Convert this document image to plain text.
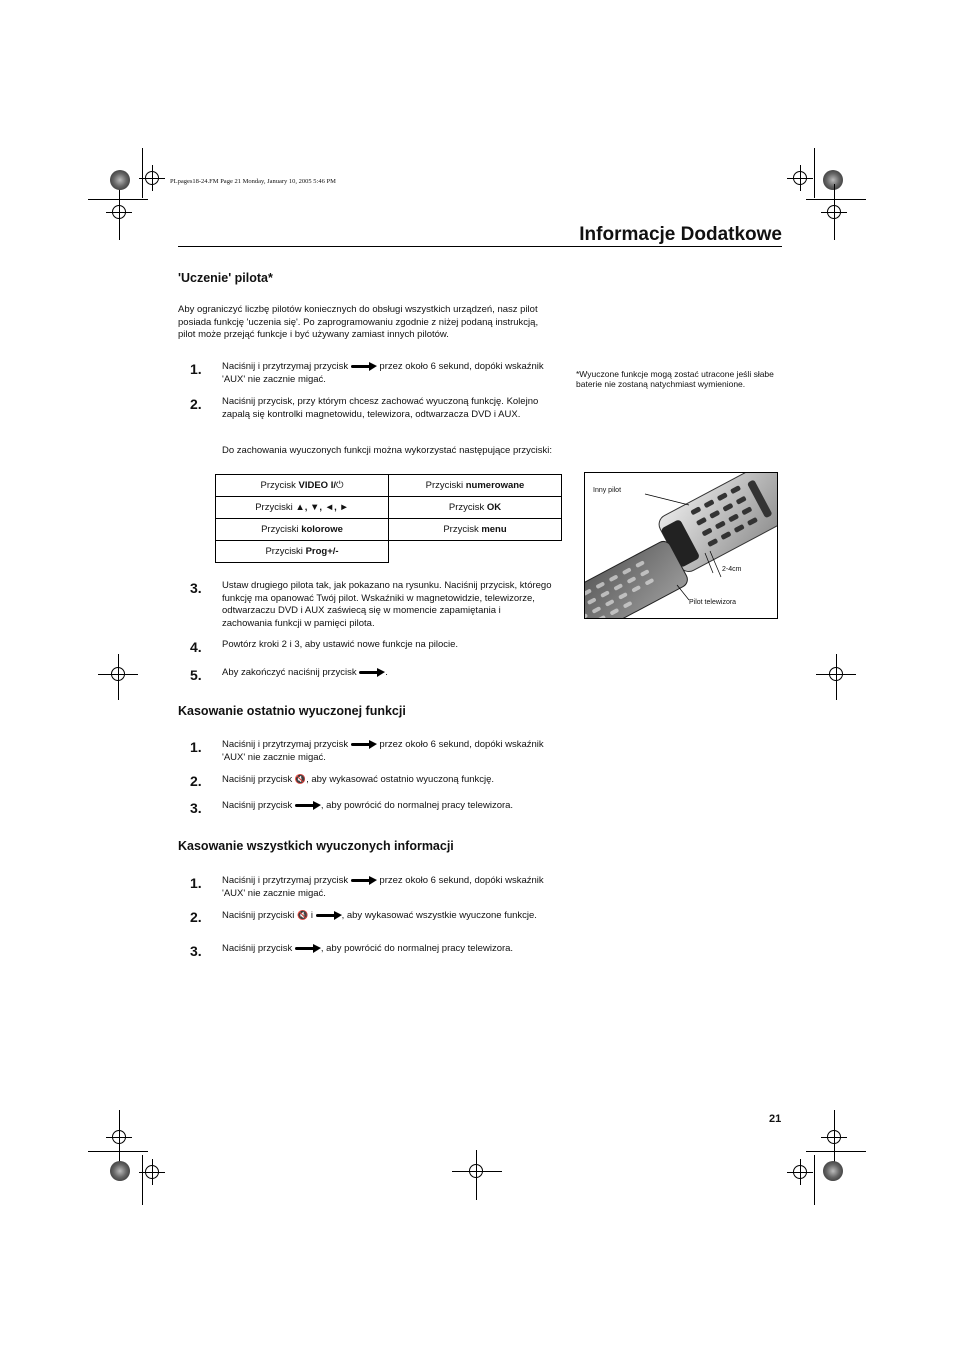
PLpages18-24.FM Page 21 Monday, January 10, 2005 5:46 PM
Informacje Dodatkowe
'Uczenie' pilota*
Aby ograniczyć liczbę pilotów koniecznych do obsługi wszystkich urządzeń, nasz pilot posiada funkcję 'uczenia się'. Po zaprogramowaniu zgodnie z niżej podaną instrukcją, pilot może przejąć funkcje i być używany zamiast innych pilotów.
1. Naciśnij i przytrzymaj przycisk	przez około 6 sekund, dopóki wskaźnik 'AUX' nie zacznie migać.
2. Naciśnij przycisk, przy którym chcesz zachować wyuczoną funkcję. Kolejno zapalą się kontrolki magnetowidu, telewizora, odtwarzacza DVD i AUX.
Do zachowania wyuczonych funkcji można wykorzystać następujące przyciski:
Przycisk VIDEO I/⏻	Przyciski numerowane
Przyciski ▲, ▼, ◄, ►	Przycisk OK
Przyciski kolorowe	Przycisk menu
Przyciski Prog+/-	
3. Ustaw drugiego pilota tak, jak pokazano na rysunku. Naciśnij przycisk, którego funkcję ma opanować Twój pilot. Wskaźniki w magnetowidzie, telewizorze, odtwarzaczu DVD i AUX zaświecą się w momencie zapamiętania i zachowania funkcji w pamięci pilota.
4. Powtórz kroki 2 i 3, aby ustawić nowe funkcje na pilocie.
5. Aby zakończyć naciśnij przycisk	.
*Wyuczone funkcje mogą zostać utracone jeśli słabe baterie nie zostaną natychmiast wymienione.
Inny pilot
2-4cm
Pilot telewizora
Kasowanie ostatnio wyuczonej funkcji
1. Naciśnij i przytrzymaj przycisk	przez około 6 sekund, dopóki wskaźnik 'AUX' nie zacznie migać.
2. Naciśnij przycisk 🔇, aby wykasować ostatnio wyuczoną funkcję.
3. Naciśnij przycisk	, aby powrócić do normalnej pracy telewizora.
Kasowanie wszystkich wyuczonych informacji
1. Naciśnij i przytrzymaj przycisk	przez około 6 sekund, dopóki wskaźnik 'AUX' nie zacznie migać.
2. Naciśnij przyciski 🔇 i	, aby wykasować wszystkie wyuczone funkcje.
3. Naciśnij przycisk	, aby powrócić do normalnej pracy telewizora.
21
